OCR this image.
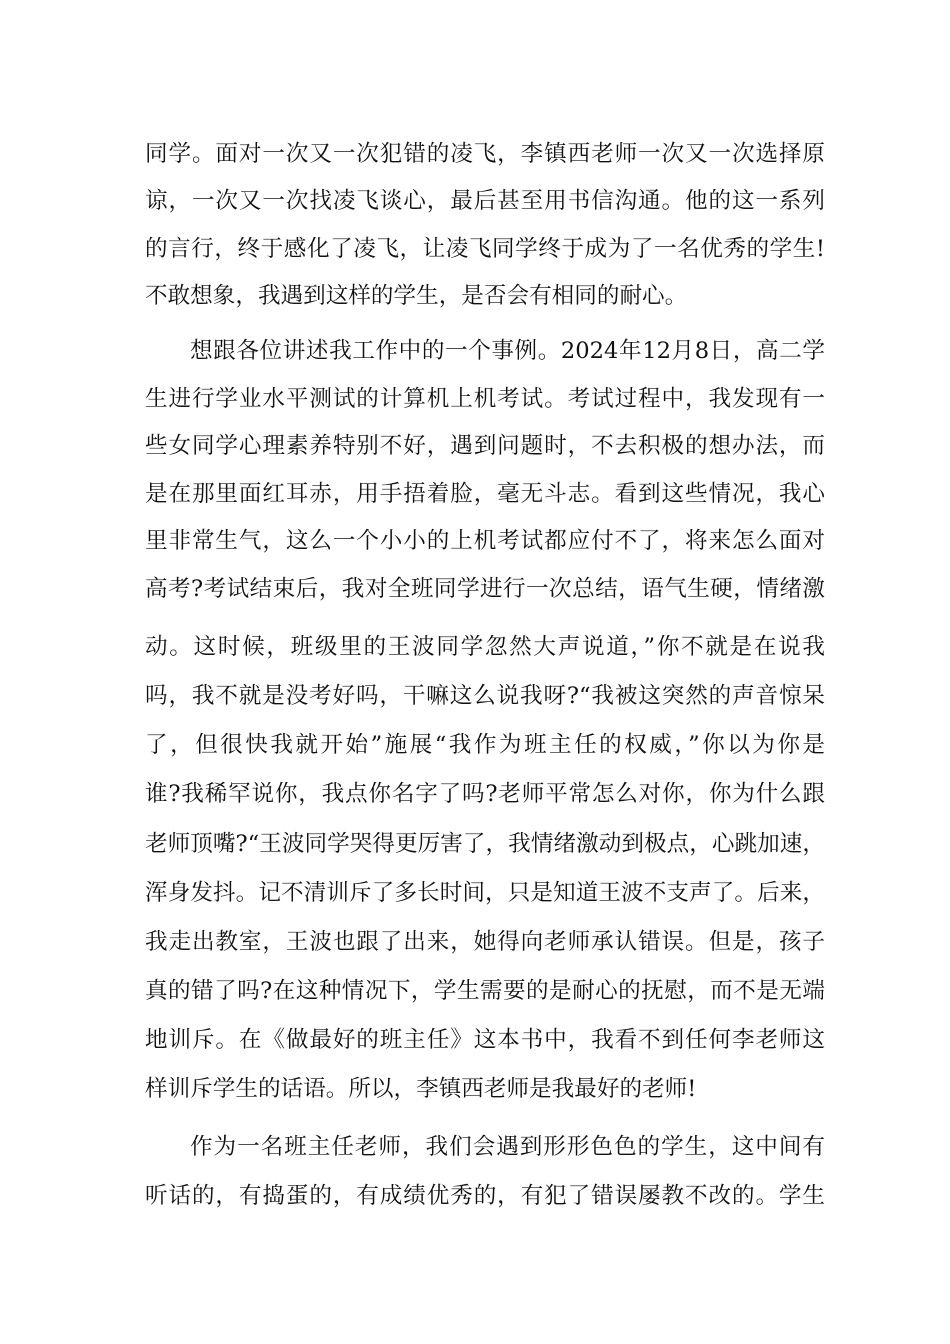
同学。面对一次又一次犯错的凌飞，李镇西老师一次又一次选择原
谅，一次又一次找凌飞谈心，最后甚至用书信沟通。他的这一系列
的言行，终于感化了凌飞，让凌飞同学终于成为了一名优秀的学生!
不敢想象，我遇到这样的学生，是否会有相同的耐心。
想跟各位讲述我工作中的一个事例。2024年12月8日，高二学
生进行学业水平测试的计算机上机考试。考试过程中，我发现有一
些女同学心理素养特别不好，遇到问题时，不去积极的想办法，而
是在那里面红耳赤，用手捂着脸，毫无斗志。看到这些情况，我心
里非常生气，这么一个小小的上机考试都应付不了，将来怎么面对
高考?考试结束后，我对全班同学进行一次总结，语气生硬，情绪激
动。这时候，班级里的王波同学忽然大声说道，”你不就是在说我
吗，我不就是没考好吗，干嘛这么说我呀?“我被这突然的声音惊呆
了，但很快我就开始”施展“我作为班主任的权威，”你以为你是
谁?我稀罕说你，我点你名字了吗?老师平常怎么对你，你为什么跟
老师顶嘴?“王波同学哭得更厉害了，我情绪激动到极点，心跳加速，
浑身发抖。记不清训斥了多长时间，只是知道王波不支声了。后来，
我走出教室，王波也跟了出来，她得向老师承认错误。但是，孩子
真的错了吗?在这种情况下，学生需要的是耐心的抚慰，而不是无端
地训斥。在《做最好的班主任》这本书中，我看不到任何李老师这
样训斥学生的话语。所以，李镇西老师是我最好的老师!
作为一名班主任老师，我们会遇到形形色色的学生，这中间有
听话的，有捣蛋的，有成绩优秀的，有犯了错误屡教不改的。学生
